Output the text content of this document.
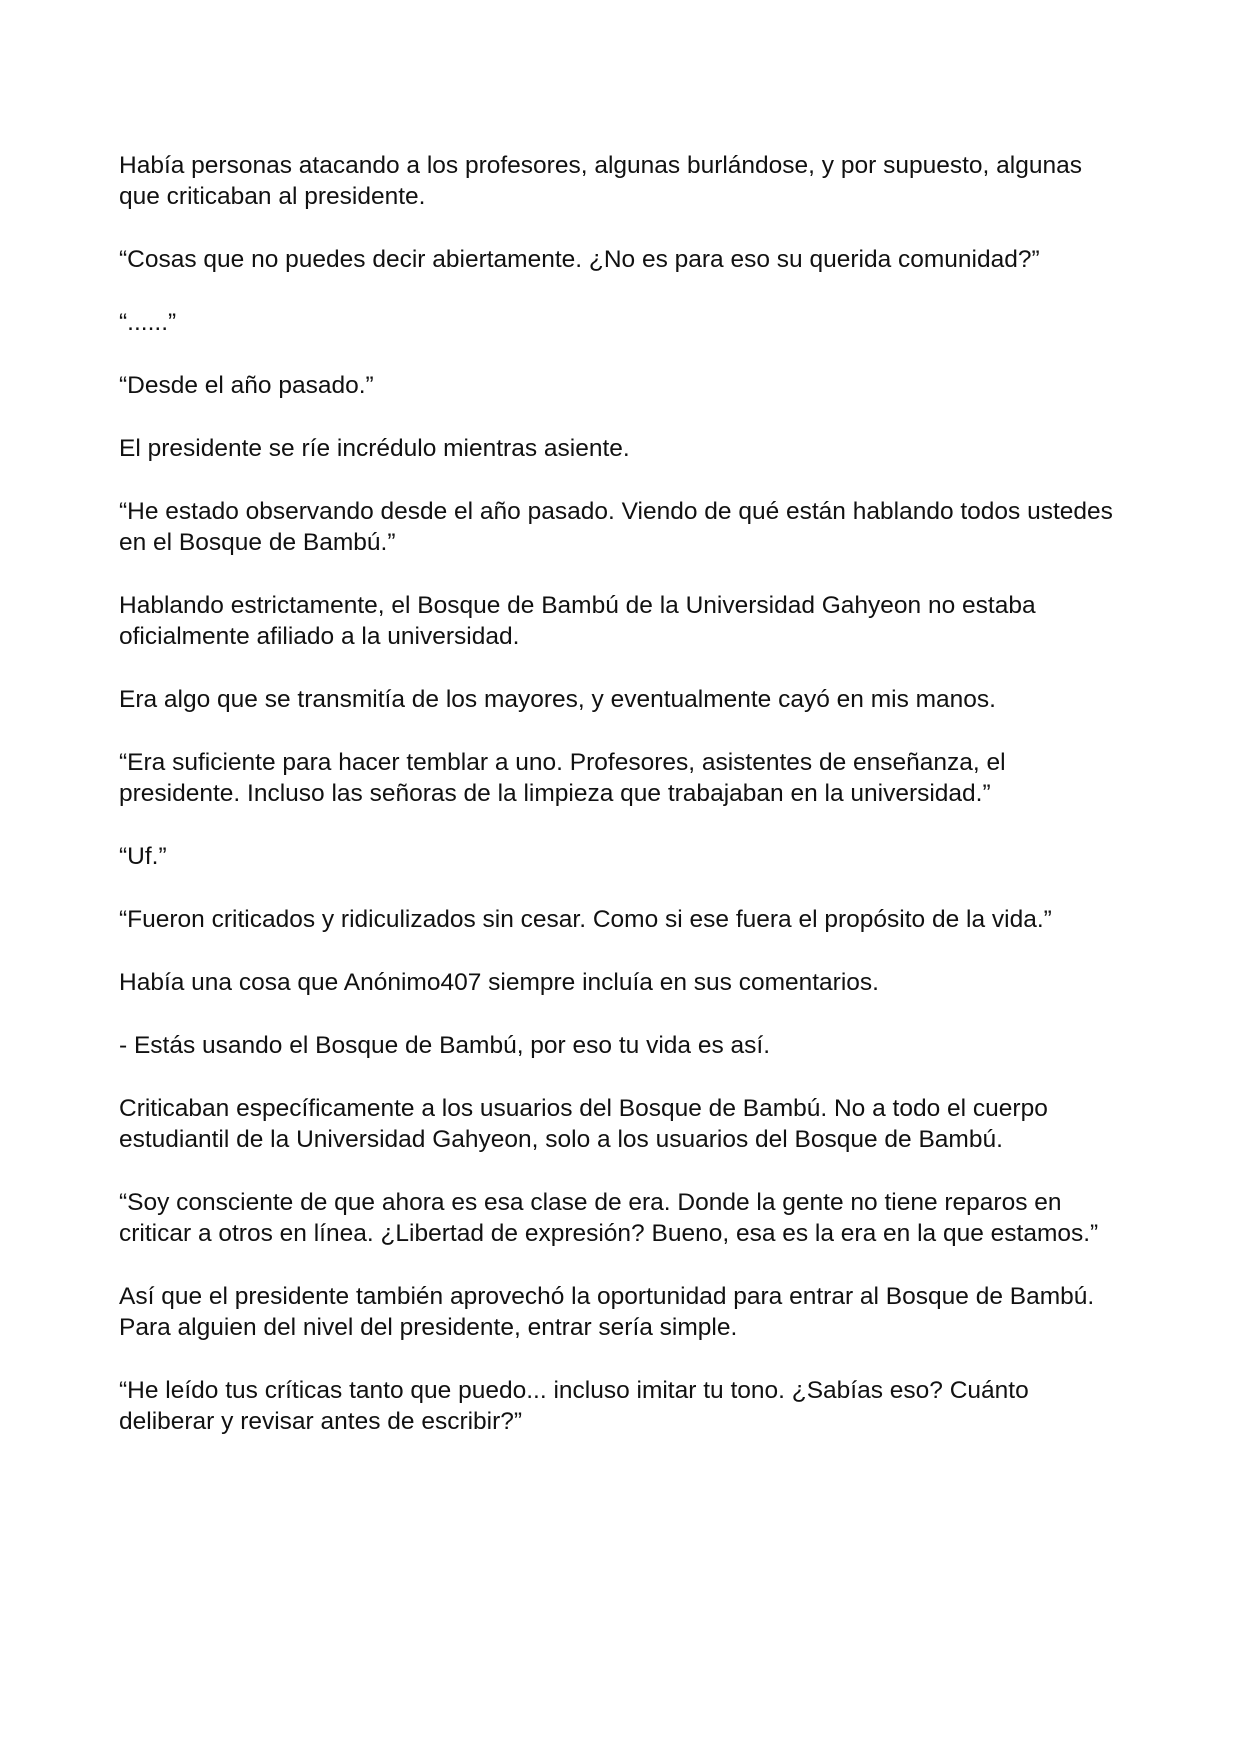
Había personas atacando a los profesores, algunas burlándose, y por supuesto, algunas que criticaban al presidente.

“Cosas que no puedes decir abiertamente. ¿No es para eso su querida comunidad?”

“......”

“Desde el año pasado.”

El presidente se ríe incrédulo mientras asiente.

“He estado observando desde el año pasado. Viendo de qué están hablando todos ustedes en el Bosque de Bambú.”

Hablando estrictamente, el Bosque de Bambú de la Universidad Gahyeon no estaba oficialmente afiliado a la universidad.

Era algo que se transmitía de los mayores, y eventualmente cayó en mis manos.

“Era suficiente para hacer temblar a uno. Profesores, asistentes de enseñanza, el presidente. Incluso las señoras de la limpieza que trabajaban en la universidad.”

“Uf.”

“Fueron criticados y ridiculizados sin cesar. Como si ese fuera el propósito de la vida.”

Había una cosa que Anónimo407 siempre incluía en sus comentarios.

- Estás usando el Bosque de Bambú, por eso tu vida es así.

Criticaban específicamente a los usuarios del Bosque de Bambú. No a todo el cuerpo estudiantil de la Universidad Gahyeon, solo a los usuarios del Bosque de Bambú.

“Soy consciente de que ahora es esa clase de era. Donde la gente no tiene reparos en criticar a otros en línea. ¿Libertad de expresión? Bueno, esa es la era en la que estamos.”

Así que el presidente también aprovechó la oportunidad para entrar al Bosque de Bambú. Para alguien del nivel del presidente, entrar sería simple.

“He leído tus críticas tanto que puedo... incluso imitar tu tono. ¿Sabías eso? Cuánto deliberar y revisar antes de escribir?”
